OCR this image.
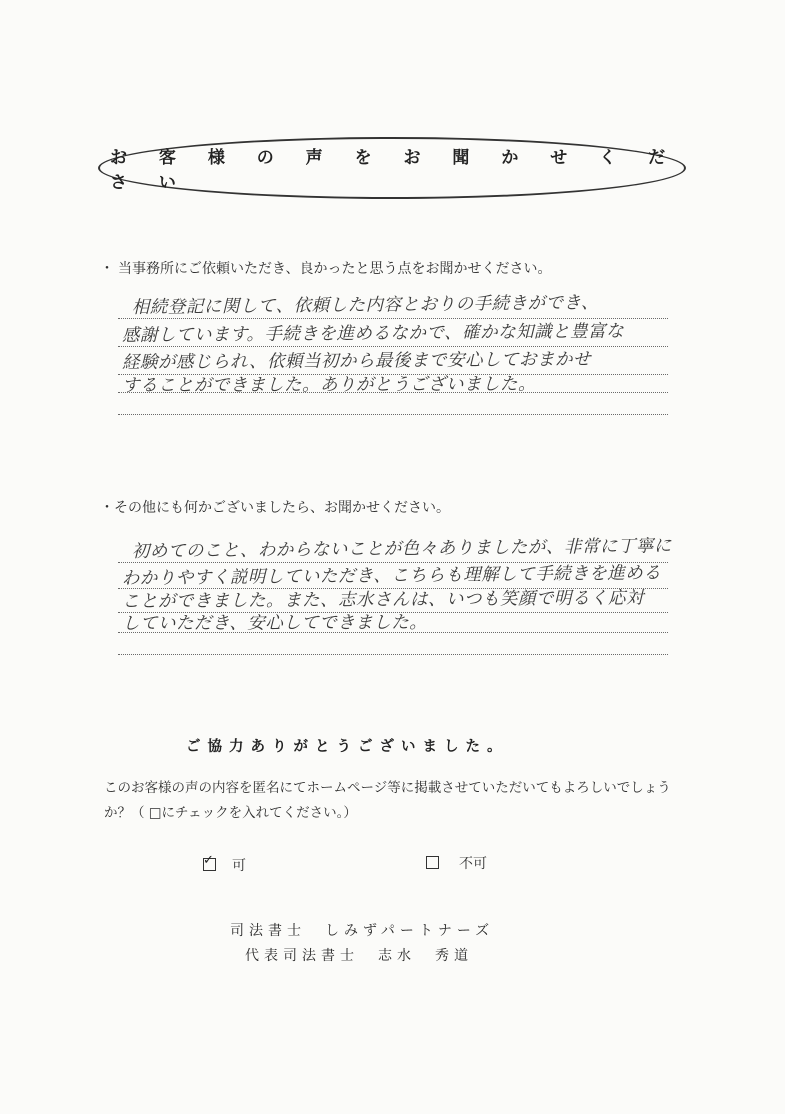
お 客 様 の 声 を お 聞 か せ く だ さ い
・ 当事務所にご依頼いただき、良かったと思う点をお聞かせください。
相続登記に関して、依頼した内容とおりの手続きができ、
感謝しています。手続きを進めるなかで、確かな知識と豊富な
経験が感じられ、依頼当初から最後まで安心しておまかせ
することができました。ありがとうございました。
・その他にも何かございましたら、お聞かせください。
初めてのこと、わからないことが色々ありましたが、非常に丁寧に
わかりやすく説明していただき、こちらも理解して手続きを進める
ことができました。また、志水さんは、いつも笑顔で明るく応対
していただき、安心してできました。
ご協力ありがとうございました。
このお客様の声の内容を匿名にてホームページ等に掲載させていただいてもよろしいでしょうか？（ □にチェックを入れてください。）
✓ 可	不可
司法書士　しみずパートナーズ
代表司法書士　志水　秀道
